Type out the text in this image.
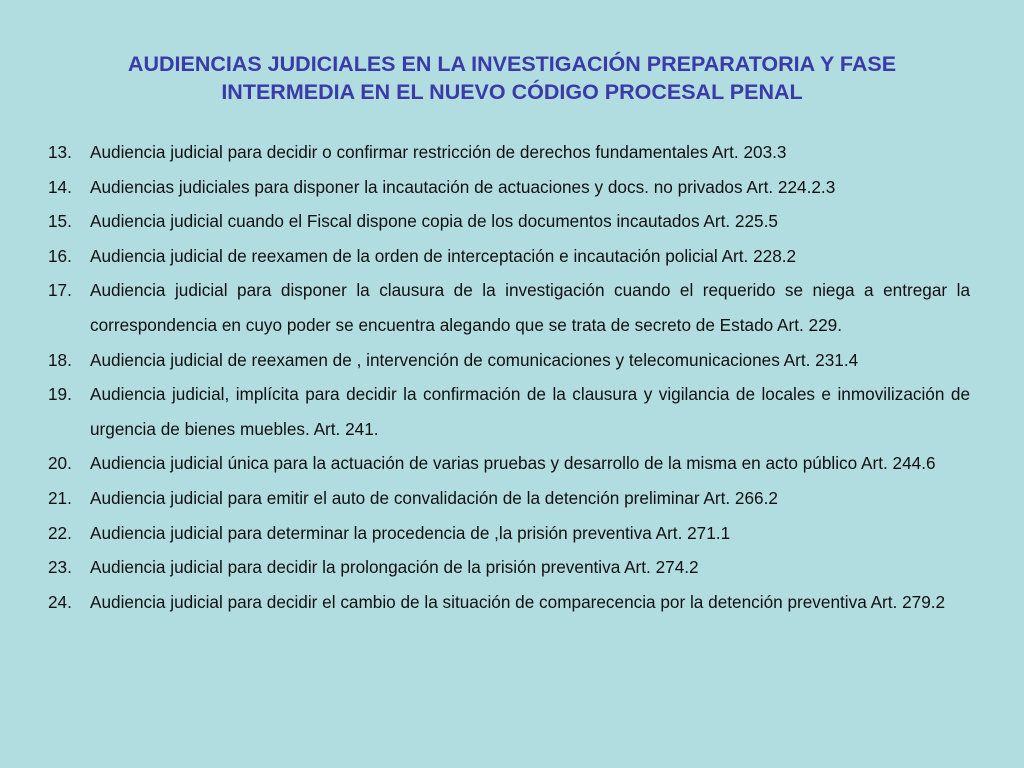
AUDIENCIAS JUDICIALES EN LA INVESTIGACIÓN PREPARATORIA Y FASE
INTERMEDIA EN EL NUEVO CÓDIGO PROCESAL PENAL
13.	Audiencia judicial para decidir o confirmar restricción de derechos fundamentales Art. 203.3
14.	Audiencias judiciales para disponer la incautación de actuaciones y docs. no privados Art. 224.2.3
15.	Audiencia judicial cuando el Fiscal dispone copia de los documentos incautados Art. 225.5
16.	Audiencia judicial de reexamen de la orden de interceptación e incautación policial Art. 228.2
17.	Audiencia judicial para disponer la clausura de la investigación cuando el requerido se niega a entregar la correspondencia en cuyo poder se encuentra alegando que se trata de secreto de Estado Art. 229.
18.	Audiencia judicial de reexamen de , intervención de comunicaciones y telecomunicaciones Art. 231.4
19.	Audiencia judicial, implícita para decidir la confirmación de la clausura y vigilancia de locales e inmovilización de urgencia de bienes muebles. Art. 241.
20.	Audiencia judicial única para la actuación de varias pruebas y desarrollo de la misma en acto público Art. 244.6
21.	Audiencia judicial para emitir el auto de convalidación de la detención preliminar Art. 266.2
22.	Audiencia judicial para determinar la procedencia de ,la prisión preventiva Art. 271.1
23.	Audiencia judicial para decidir la prolongación de la prisión preventiva Art. 274.2
24.	Audiencia judicial para decidir el cambio de la situación de comparecencia por la detención preventiva Art. 279.2
